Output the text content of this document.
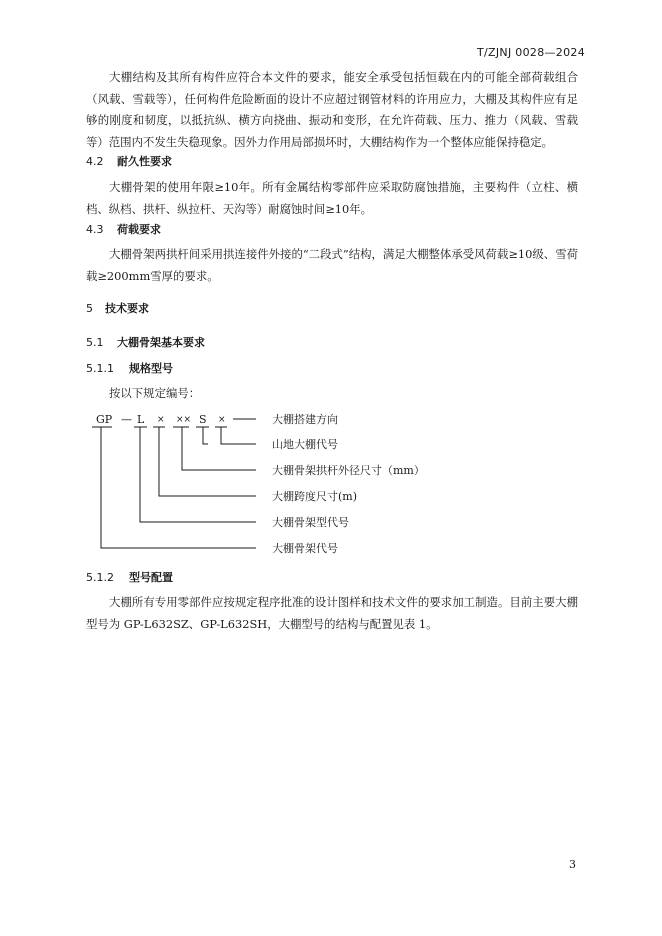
T/ZJNJ 0028—2024

大棚结构及其所有构件应符合本文件的要求，能安全承受包括恒载在内的可能全部荷载组合（风载、雪载等），任何构件危险断面的设计不应超过钢管材料的许用应力，大棚及其构件应有足够的刚度和韧度，以抵抗纵、横方向挠曲、振动和变形，在允许荷载、压力、推力（风载、雪载等）范围内不发生失稳现象。因外力作用局部损坏时，大棚结构作为一个整体应能保持稳定。

4.2 耐久性要求

大棚骨架的使用年限≥10年。所有金属结构零部件应采取防腐蚀措施，主要构件（立柱、横档、纵档、拱杆、纵拉杆、天沟等）耐腐蚀时间≥10年。

4.3 荷载要求

大棚骨架两拱杆间采用拱连接件外接的“二段式”结构，满足大棚整体承受风荷载≥10级、雪荷载≥200mm雪厚的要求。

5 技术要求
5.1 大棚骨架基本要求
5.1.1 规格型号

按以下规定编号：

GP — L × ×× S ×	大棚搭建方向
山地大棚代号
大棚骨架拱杆外径尺寸（mm）
大棚跨度尺寸(m)
大棚骨架型代号
大棚骨架代号
5.1.2 型号配置

大棚所有专用零部件应按规定程序批准的设计图样和技术文件的要求加工制造。目前主要大棚型号为 GP-L632SZ、GP-L632SH，大棚型号的结构与配置见表 1。

3
